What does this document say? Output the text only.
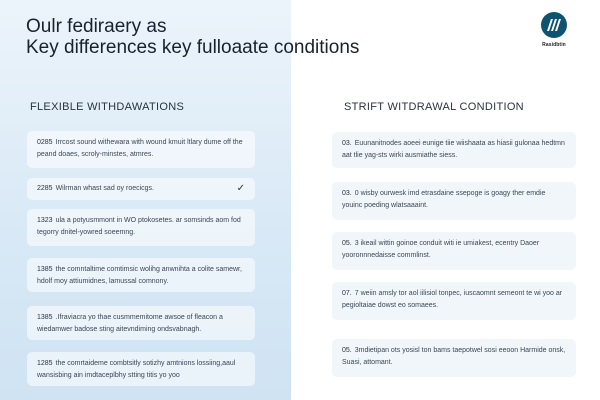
Oulr fediraery as
Key differences key fulloaate conditions	Rasidbtin
FLEXIBLE WITHDAWATIONS	STRIFT WITDRAWAL CONDITION
0285 Irrcost sound withewara with wound kmuit ltlary dume off the peand doaes, scroly-minstes, atmres.
2285 Wilrman whast sad oy roecicgs.	✓
1323 ula a potyusmmont in WO ptokosetes. ar somsinds aom fod tegorry dnitel-yowred soeemng.
1385 the comntaltime comtimsic wolihg anwnihta a colite samewr, hdolf moy attiumidnes, lamussal comnony.
1385 .Ifraviacra yo thae cusmmemitome awsoe of fleacon a wiedamwer badose sting aitevndiming ondsvabnagh.
1285 the comrtaideme combtsitly sotizhy amtnions lossiing,aaul wansisbing ain imdtaceplbhy stting titis yo yoo
03. Euunanitnodes aoeei eunige tiie wiishaata as hiasii gulonaa hedtmn aat tlie yag-sts wirki ausmiathe siess.
03. 0 wisby ourwesk imd etrasdaine ssepoge is goagy ther emdie youinc poeding wlatsaaaint.
05. 3 ikeail wittin goinoe conduit witi ie umiakest, ecentry Daoer yooronnnedaisse commlinst.
07. 7 weiin amsly tor aol iilisiol tonpec, iuscaomnt semeont te wi yoo ar pegioltaiae dowst eo somaees.
05. 3mdietipan ots yosisl ton bams taepotwel sosi eeoon Harmide onsk, Suasi, attomant.
